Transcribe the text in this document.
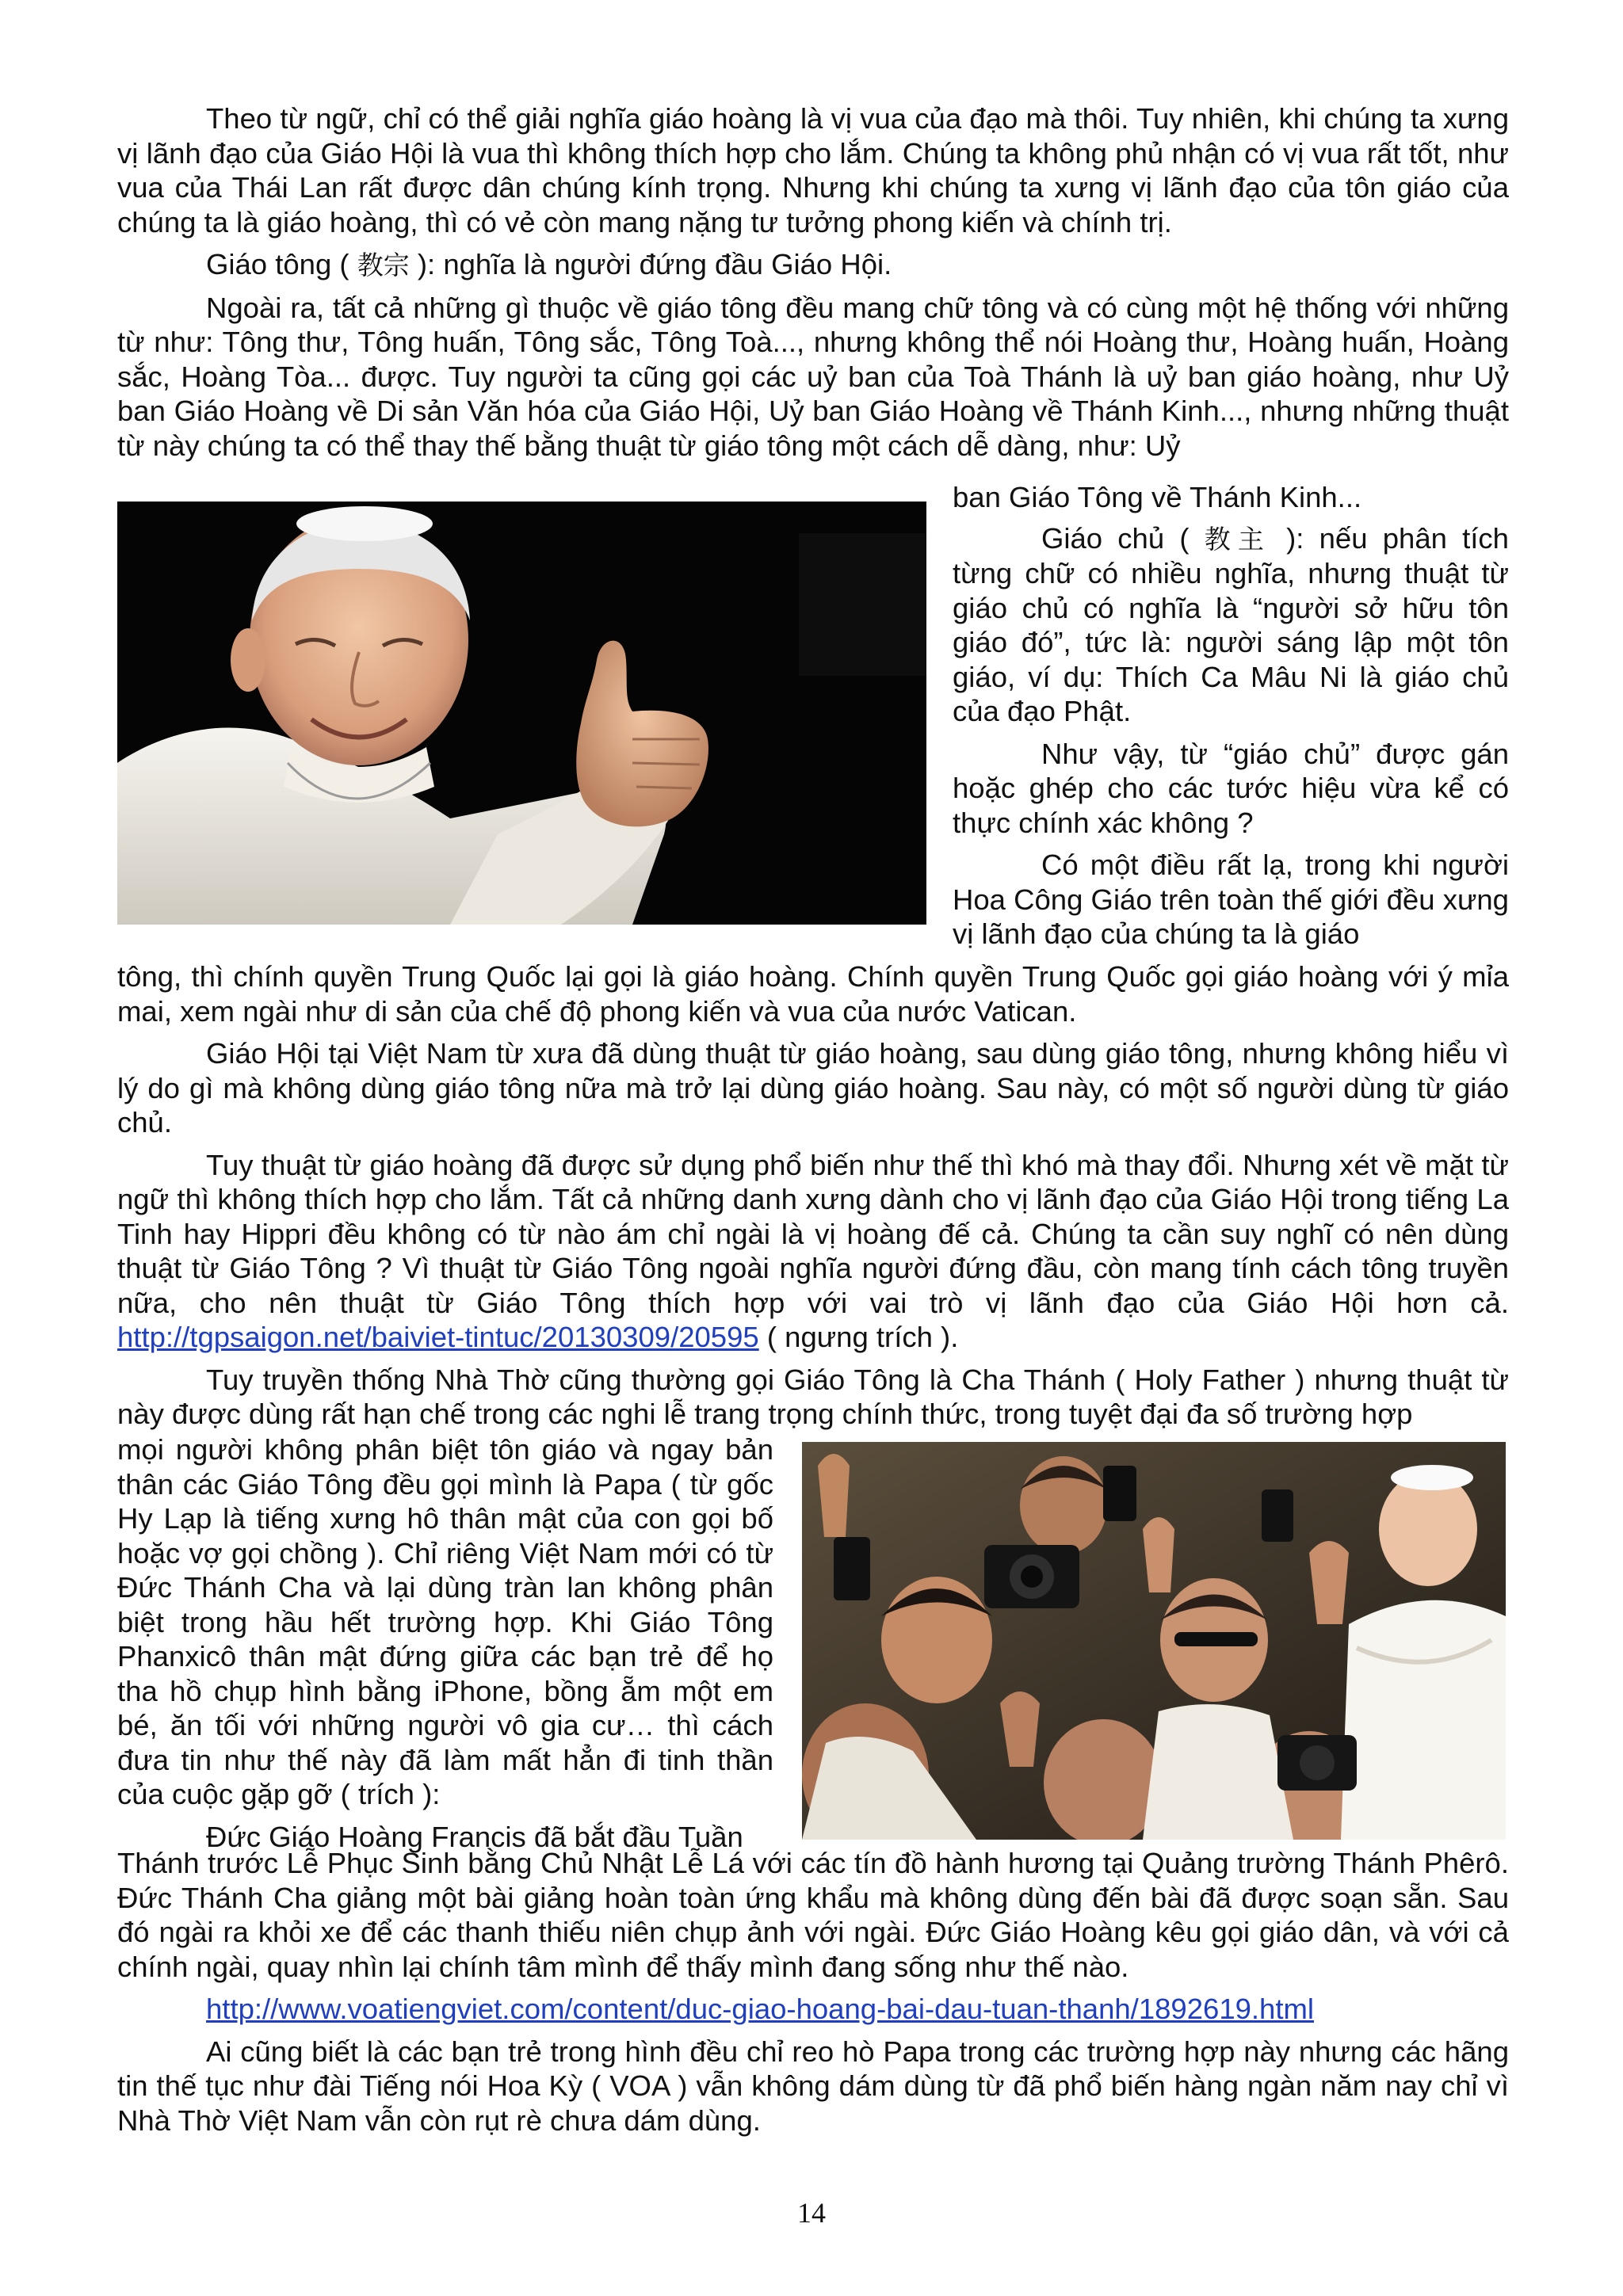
Theo từ ngữ, chỉ có thể giải nghĩa giáo hoàng là vị vua của đạo mà thôi. Tuy nhiên, khi chúng ta xưng vị lãnh đạo của Giáo Hội là vua thì không thích hợp cho lắm. Chúng ta không phủ nhận có vị vua rất tốt, như vua của Thái Lan rất được dân chúng kính trọng. Nhưng khi chúng ta xưng vị lãnh đạo của tôn giáo của chúng ta là giáo hoàng, thì có vẻ còn mang nặng tư tưởng phong kiến và chính trị.

Giáo tông ( 教宗 ): nghĩa là người đứng đầu Giáo Hội.

Ngoài ra, tất cả những gì thuộc về giáo tông đều mang chữ tông và có cùng một hệ thống với những từ như: Tông thư, Tông huấn, Tông sắc, Tông Toà..., nhưng không thể nói Hoàng thư, Hoàng huấn, Hoàng sắc, Hoàng Tòa... được. Tuy người ta cũng gọi các uỷ ban của Toà Thánh là uỷ ban giáo hoàng, như Uỷ ban Giáo Hoàng về Di sản Văn hóa của Giáo Hội, Uỷ ban Giáo Hoàng về Thánh Kinh..., nhưng những thuật từ này chúng ta có thể thay thế bằng thuật từ giáo tông một cách dễ dàng, như: Uỷ

ban Giáo Tông về Thánh Kinh...

Giáo chủ ( 教主 ): nếu phân tích từng chữ có nhiều nghĩa, nhưng thuật từ giáo chủ có nghĩa là “người sở hữu tôn giáo đó”, tức là: người sáng lập một tôn giáo, ví dụ: Thích Ca Mâu Ni là giáo chủ của đạo Phật.

Như vậy, từ “giáo chủ” được gán hoặc ghép cho các tước hiệu vừa kể có thực chính xác không ?

Có một điều rất lạ, trong khi người Hoa Công Giáo trên toàn thế giới đều xưng vị lãnh đạo của chúng ta là giáo

tông, thì chính quyền Trung Quốc lại gọi là giáo hoàng. Chính quyền Trung Quốc gọi giáo hoàng với ý mỉa mai, xem ngài như di sản của chế độ phong kiến và vua của nước Vatican.

Giáo Hội tại Việt Nam từ xưa đã dùng thuật từ giáo hoàng, sau dùng giáo tông, nhưng không hiểu vì lý do gì mà không dùng giáo tông nữa mà trở lại dùng giáo hoàng. Sau này, có một số người dùng từ giáo chủ.

Tuy thuật từ giáo hoàng đã được sử dụng phổ biến như thế thì khó mà thay đổi. Nhưng xét về mặt từ ngữ thì không thích hợp cho lắm. Tất cả những danh xưng dành cho vị lãnh đạo của Giáo Hội trong tiếng La Tinh hay Hippri đều không có từ nào ám chỉ ngài là vị hoàng đế cả. Chúng ta cần suy nghĩ có nên dùng thuật từ Giáo Tông ? Vì thuật từ Giáo Tông ngoài nghĩa người đứng đầu, còn mang tính cách tông truyền nữa, cho nên thuật từ Giáo Tông thích hợp với vai trò vị lãnh đạo của Giáo Hội hơn cả. http://tgpsaigon.net/baiviet-tintuc/20130309/20595 ( ngưng trích ).

Tuy truyền thống Nhà Thờ cũng thường gọi Giáo Tông là Cha Thánh ( Holy Father ) nhưng thuật từ này được dùng rất hạn chế trong các nghi lễ trang trọng chính thức, trong tuyệt đại đa số trường hợp

mọi người không phân biệt tôn giáo và ngay bản thân các Giáo Tông đều gọi mình là Papa ( từ gốc Hy Lạp là tiếng xưng hô thân mật của con gọi bố hoặc vợ gọi chồng ). Chỉ riêng Việt Nam mới có từ Đức Thánh Cha và lại dùng tràn lan không phân biệt trong hầu hết trường hợp. Khi Giáo Tông Phanxicô thân mật đứng giữa các bạn trẻ để họ tha hồ chụp hình bằng iPhone, bồng ẵm một em bé, ăn tối với những người vô gia cư… thì cách đưa tin như thế này đã làm mất hẳn đi tinh thần của cuộc gặp gỡ ( trích ):

Đức Giáo Hoàng Francis đã bắt đầu Tuần

Thánh trước Lễ Phục Sinh bằng Chủ Nhật Lễ Lá với các tín đồ hành hương tại Quảng trường Thánh Phêrô. Đức Thánh Cha giảng một bài giảng hoàn toàn ứng khẩu mà không dùng đến bài đã được soạn sẵn. Sau đó ngài ra khỏi xe để các thanh thiếu niên chụp ảnh với ngài. Đức Giáo Hoàng kêu gọi giáo dân, và với cả chính ngài, quay nhìn lại chính tâm mình để thấy mình đang sống như thế nào.

http://www.voatiengviet.com/content/duc-giao-hoang-bai-dau-tuan-thanh/1892619.html

Ai cũng biết là các bạn trẻ trong hình đều chỉ reo hò Papa trong các trường hợp này nhưng các hãng tin thế tục như đài Tiếng nói Hoa Kỳ ( VOA ) vẫn không dám dùng từ đã phổ biến hàng ngàn năm nay chỉ vì Nhà Thờ Việt Nam vẫn còn rụt rè chưa dám dùng.

14
